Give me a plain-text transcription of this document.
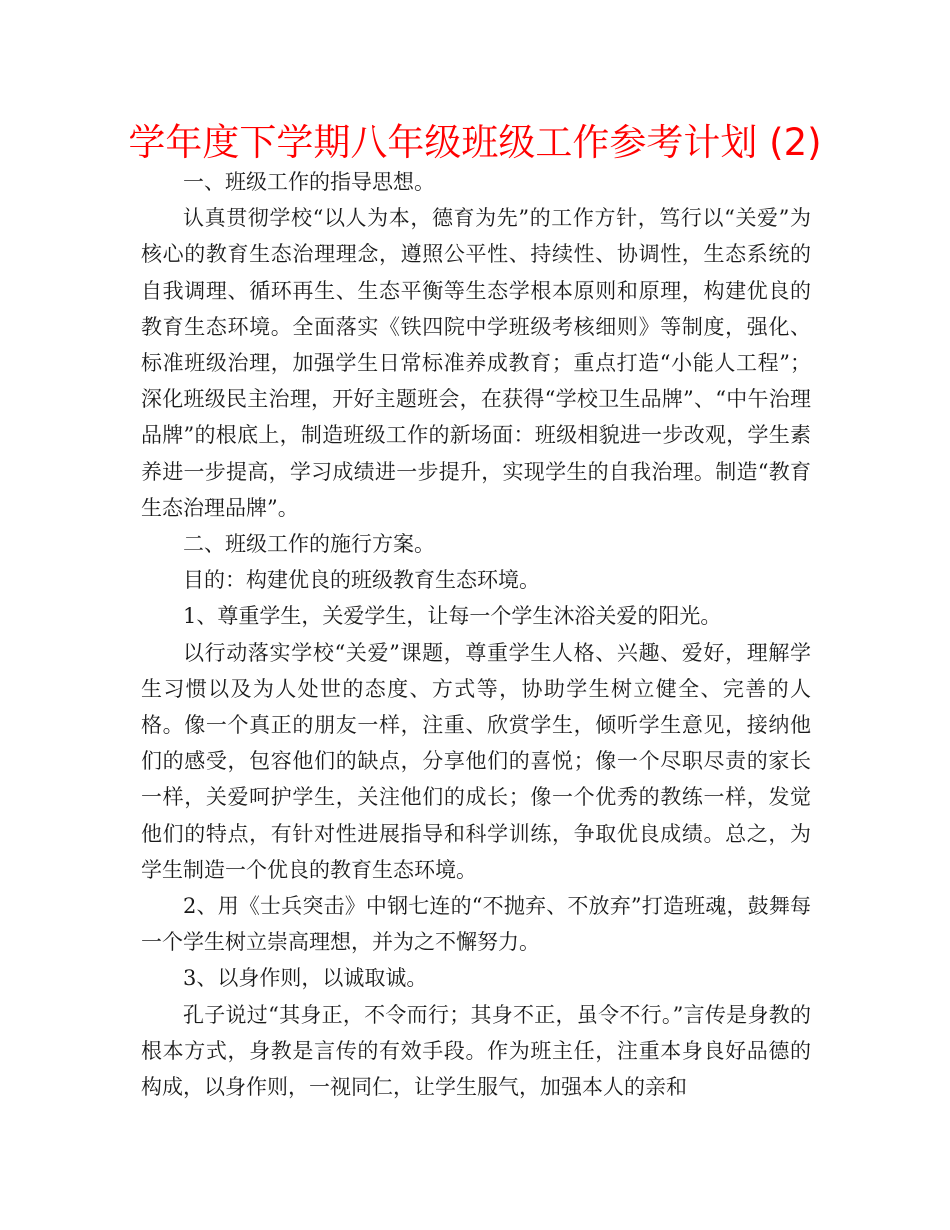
学年度下学期八年级班级工作参考计划 (2)

一、班级工作的指导思想。

认真贯彻学校“以人为本，德育为先”的工作方针，笃行以“关爱”为核心的教育生态治理理念，遵照公平性、持续性、协调性，生态系统的自我调理、循环再生、生态平衡等生态学根本原则和原理，构建优良的教育生态环境。全面落实《铁四院中学班级考核细则》等制度，强化、标准班级治理，加强学生日常标准养成教育；重点打造“小能人工程”；深化班级民主治理，开好主题班会，在获得“学校卫生品牌”、“中午治理品牌”的根底上，制造班级工作的新场面：班级相貌进一步改观，学生素养进一步提高，学习成绩进一步提升，实现学生的自我治理。制造“教育生态治理品牌”。

二、班级工作的施行方案。

目的：构建优良的班级教育生态环境。

1、尊重学生，关爱学生，让每一个学生沐浴关爱的阳光。

以行动落实学校“关爱”课题，尊重学生人格、兴趣、爱好，理解学生习惯以及为人处世的态度、方式等，协助学生树立健全、完善的人格。像一个真正的朋友一样，注重、欣赏学生，倾听学生意见，接纳他们的感受，包容他们的缺点，分享他们的喜悦；像一个尽职尽责的家长一样，关爱呵护学生，关注他们的成长；像一个优秀的教练一样，发觉他们的特点，有针对性进展指导和科学训练，争取优良成绩。总之，为学生制造一个优良的教育生态环境。

2、用《士兵突击》中钢七连的“不抛弃、不放弃”打造班魂，鼓舞每一个学生树立崇高理想，并为之不懈努力。

3、以身作则，以诚取诚。

孔子说过“其身正，不令而行；其身不正，虽令不行。”言传是身教的根本方式，身教是言传的有效手段。作为班主任，注重本身良好品德的构成，以身作则，一视同仁，让学生服气，加强本人的亲和
